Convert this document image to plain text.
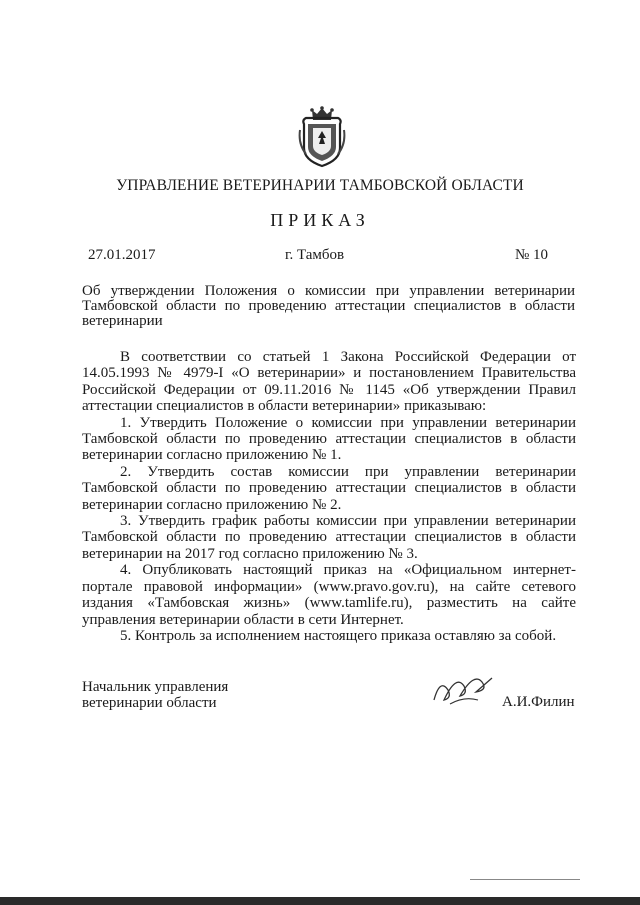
УПРАВЛЕНИЕ ВЕТЕРИНАРИИ ТАМБОВСКОЙ ОБЛАСТИ
ПРИКАЗ
27.01.2017	г. Тамбов	№ 10
Об утверждении Положения о комиссии при управлении ветеринарии Тамбовской области по проведению аттестации специалистов в области ветеринарии

В соответствии со статьей 1 Закона Российской Федерации от 14.05.1993 № 4979-I «О ветеринарии» и постановлением Правительства Российской Федерации от 09.11.2016 № 1145 «Об утверждении Правил аттестации специалистов в области ветеринарии» приказываю:

1. Утвердить Положение о комиссии при управлении ветеринарии Тамбовской области по проведению аттестации специалистов в области ветеринарии согласно приложению № 1.

2. Утвердить состав комиссии при управлении ветеринарии Тамбовской области по проведению аттестации специалистов в области ветеринарии согласно приложению № 2.

3. Утвердить график работы комиссии при управлении ветеринарии Тамбовской области по проведению аттестации специалистов в области ветеринарии на 2017 год согласно приложению № 3.

4. Опубликовать настоящий приказ на «Официальном интернет-портале правовой информации» (www.pravo.gov.ru), на сайте сетевого издания «Тамбовская жизнь» (www.tamlife.ru), разместить на сайте управления ветеринарии области в сети Интернет.

5. Контроль за исполнением настоящего приказа оставляю за собой.

Начальник управления
ветеринарии области	А.И.Филин
